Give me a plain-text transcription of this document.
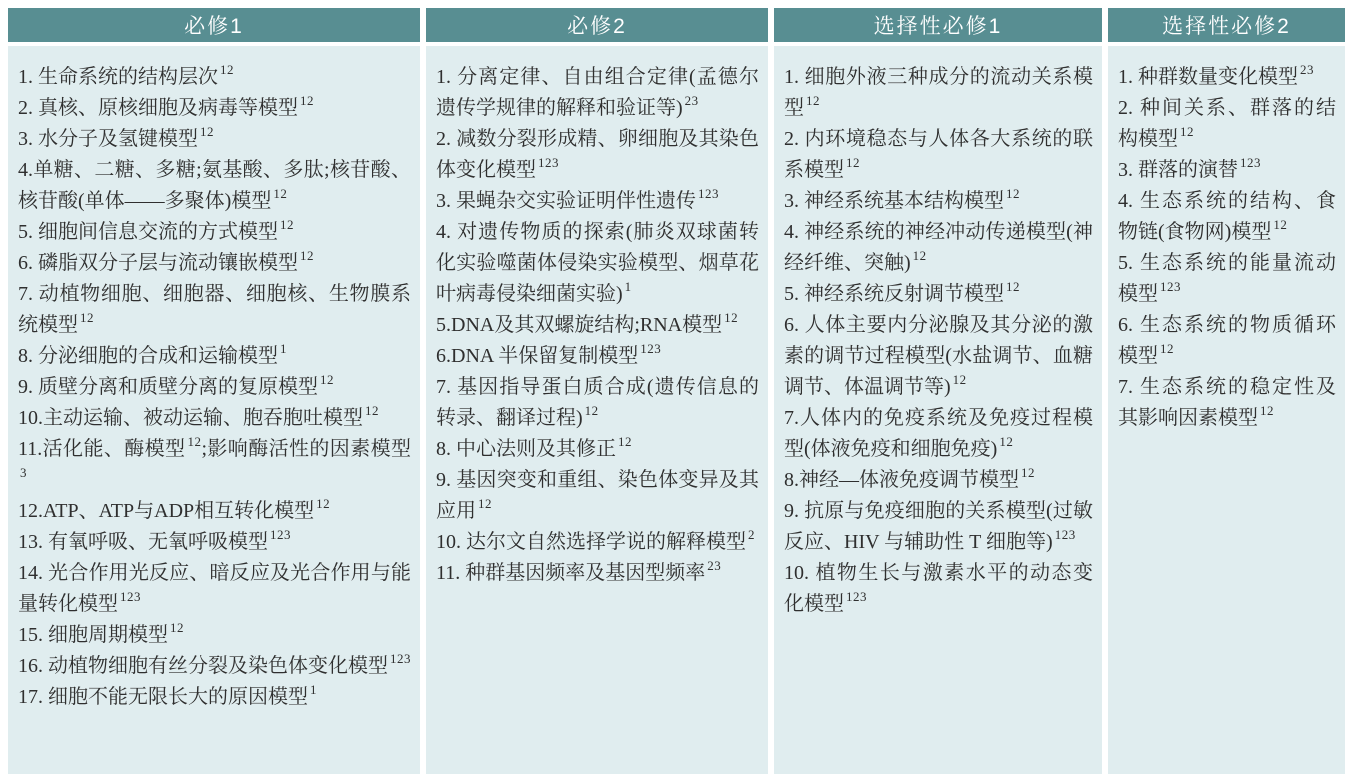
必修1

1. 生命系统的结构层次 $^{12}$

2. 真核、原核细胞及病毒等模型 $^{12}$

3. 水分子及氢键模型 $^{12}$

4.单糖、二糖、多糖;氨基酸、多肽;核苷酸、核苷酸(单体——多聚体)模型 $^{12}$

5. 细胞间信息交流的方式模型 $^{12}$

6. 磷脂双分子层与流动镶嵌模型 $^{12}$

7. 动植物细胞、细胞器、细胞核、生物膜系统模型 $^{12}$

8. 分泌细胞的合成和运输模型 $^1$

9. 质壁分离和质壁分离的复原模型 $^{12}$

10.主动运输、被动运输、胞吞胞吐模型 $^{12}$

11.活化能、酶模型 $^{12}$;影响酶活性的因素模型$^3$

12.ATP、ATP与ADP相互转化模型 $^{12}$

13. 有氧呼吸、无氧呼吸模型 $^{123}$

14. 光合作用光反应、暗反应及光合作用与能量转化模型 $^{123}$

15. 细胞周期模型 $^{12}$

16. 动植物细胞有丝分裂及染色体变化模型 $^{123}$

17. 细胞不能无限长大的原因模型 $^1$

必修2

1. 分离定律、自由组合定律(孟德尔遗传学规律的解释和验证等) $^{23}$

2. 减数分裂形成精、卵细胞及其染色体变化模型 $^{123}$

3. 果蝇杂交实验证明伴性遗传 $^{123}$

4. 对遗传物质的探索(肺炎双球菌转化实验噬菌体侵染实验模型、烟草花叶病毒侵染细菌实验) $^1$

5.DNA及其双螺旋结构;RNA模型 $^{12}$

6.DNA 半保留复制模型 $^{123}$

7. 基因指导蛋白质合成(遗传信息的转录、翻译过程) $^{12}$

8. 中心法则及其修正 $^{12}$

9. 基因突变和重组、染色体变异及其应用 $^{12}$

10. 达尔文自然选择学说的解释模型 $^2$

11. 种群基因频率及基因型频率 $^{23}$

选择性必修1

1. 细胞外液三种成分的流动关系模型 $^{12}$

2. 内环境稳态与人体各大系统的联系模型 $^{12}$

3. 神经系统基本结构模型 $^{12}$

4. 神经系统的神经冲动传递模型(神经纤维、突触) $^{12}$

5. 神经系统反射调节模型 $^{12}$

6. 人体主要内分泌腺及其分泌的激素的调节过程模型(水盐调节、血糖调节、体温调节等) $^{12}$

7.人体内的免疫系统及免疫过程模型(体液免疫和细胞免疫) $^{12}$

8.神经—体液免疫调节模型 $^{12}$

9. 抗原与免疫细胞的关系模型(过敏反应、HIV 与辅助性 T 细胞等) $^{123}$

10. 植物生长与激素水平的动态变化模型 $^{123}$

选择性必修2

1. 种群数量变化模型 $^{23}$

2. 种间关系、群落的结构模型 $^{12}$

3. 群落的演替 $^{123}$

4. 生态系统的结构、食物链(食物网)模型 $^{12}$

5. 生态系统的能量流动模型 $^{123}$

6. 生态系统的物质循环模型 $^{12}$

7. 生态系统的稳定性及其影响因素模型 $^{12}$
